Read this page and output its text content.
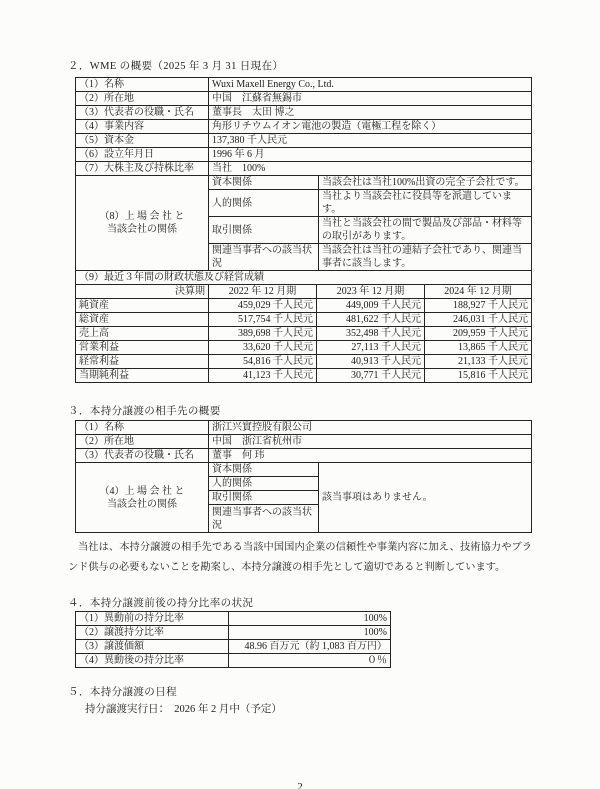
２．WME の概要（2025 年 3 月 31 日現在）
（1）名称	Wuxi Maxell Energy Co., Ltd.	
（2）所在地	中国　江蘇省無錫市	
（3）代表者の役職・氏名	董事長　太田 博之	
（4）事業内容	角形リチウムイオン電池の製造（電極工程を除く）	
（5）資本金	137,380 千人民元	
（6）設立年月日	1996 年 6 月	
（7）大株主及び持株比率	当社　100%	

（8）上 場 会 社 と
当該会社の関係	資本関係	当該会社は当社100%出資の完全子会社です。
	人的関係	当社より当該会社に役員等を派遣しています。
	取引関係	当社と当該会社の間で製品及び部品・材料等の取引があります。
	関連当事者への該当状況	当該会社は当社の連結子会社であり、関連当事者に該当します。
（9）最近３年間の財政状態及び経営成績		
決算期	2022 年 12 月期	2023 年 12 月期	2024 年 12 月期
純資産	459,029 千人民元	449,009 千人民元	188,927 千人民元
総資産	517,754 千人民元	481,622 千人民元	246,031 千人民元
売上高	389,698 千人民元	352,498 千人民元	209,959 千人民元
営業利益	33,620 千人民元	27,113 千人民元	13,865 千人民元
経常利益	54,816 千人民元	40,913 千人民元	21,133 千人民元
当期純利益	41,123 千人民元	30,771 千人民元	15,816 千人民元
３．本持分譲渡の相手先の概要
（1）名称	浙江兴實控股有限公司	
（2）所在地	中国　浙江省杭州市	
（3）代表者の役職・氏名	董事　何 玮	

（4）上 場 会 社 と
当該会社の関係	資本関係	該当事項はありません。
	人的関係	
	取引関係	
	関連当事者への該当状況	
当社は、本持分譲渡の相手先である当該中国国内企業の信頼性や事業内容に加え、技術協力やブランド供与の必要もないことを勘案し、本持分譲渡の相手先として適切であると判断しています。
４．本持分譲渡前後の持分比率の状況
（1）異動前の持分比率	100%
（2）譲渡持分比率	100%
（3）譲渡価額	48.96 百万元（約 1,083 百万円）
（4）異動後の持分比率	０％
５．本持分譲渡の日程
持分譲渡実行日：　2026 年 2 月中（予定）
2
